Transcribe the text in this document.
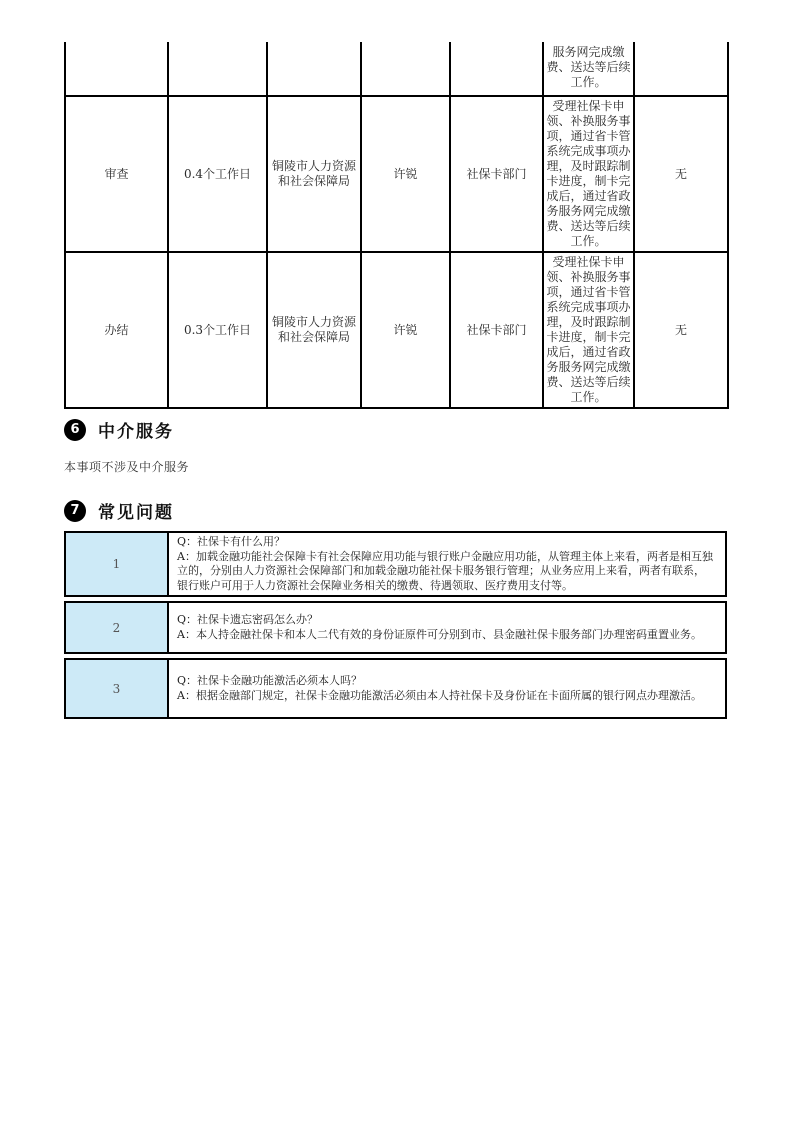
					服务网完成缴费、送达等后续工作。	
审查	0.4个工作日	铜陵市人力资源和社会保障局	许锐	社保卡部门	受理社保卡申领、补换服务事项，通过省卡管系统完成事项办理，及时跟踪制卡进度，制卡完成后，通过省政务服务网完成缴费、送达等后续工作。	无
办结	0.3个工作日	铜陵市人力资源和社会保障局	许锐	社保卡部门	受理社保卡申领、补换服务事项，通过省卡管系统完成事项办理，及时跟踪制卡进度，制卡完成后，通过省政务服务网完成缴费、送达等后续工作。	无
6	中介服务
本事项不涉及中介服务
7	常见问题
1
Q：社保卡有什么用？
A：加载金融功能社会保障卡有社会保障应用功能与银行账户金融应用功能，从管理主体上来看，两者是相互独立的，分别由人力资源社会保障部门和加载金融功能社保卡服务银行管理；从业务应用上来看，两者有联系，银行账户可用于人力资源社会保障业务相关的缴费、待遇领取、医疗费用支付等。
2
Q：社保卡遗忘密码怎么办？
A：本人持金融社保卡和本人二代有效的身份证原件可分别到市、县金融社保卡服务部门办理密码重置业务。
3
Q：社保卡金融功能激活必须本人吗？
A：根据金融部门规定，社保卡金融功能激活必须由本人持社保卡及身份证在卡面所属的银行网点办理激活。
